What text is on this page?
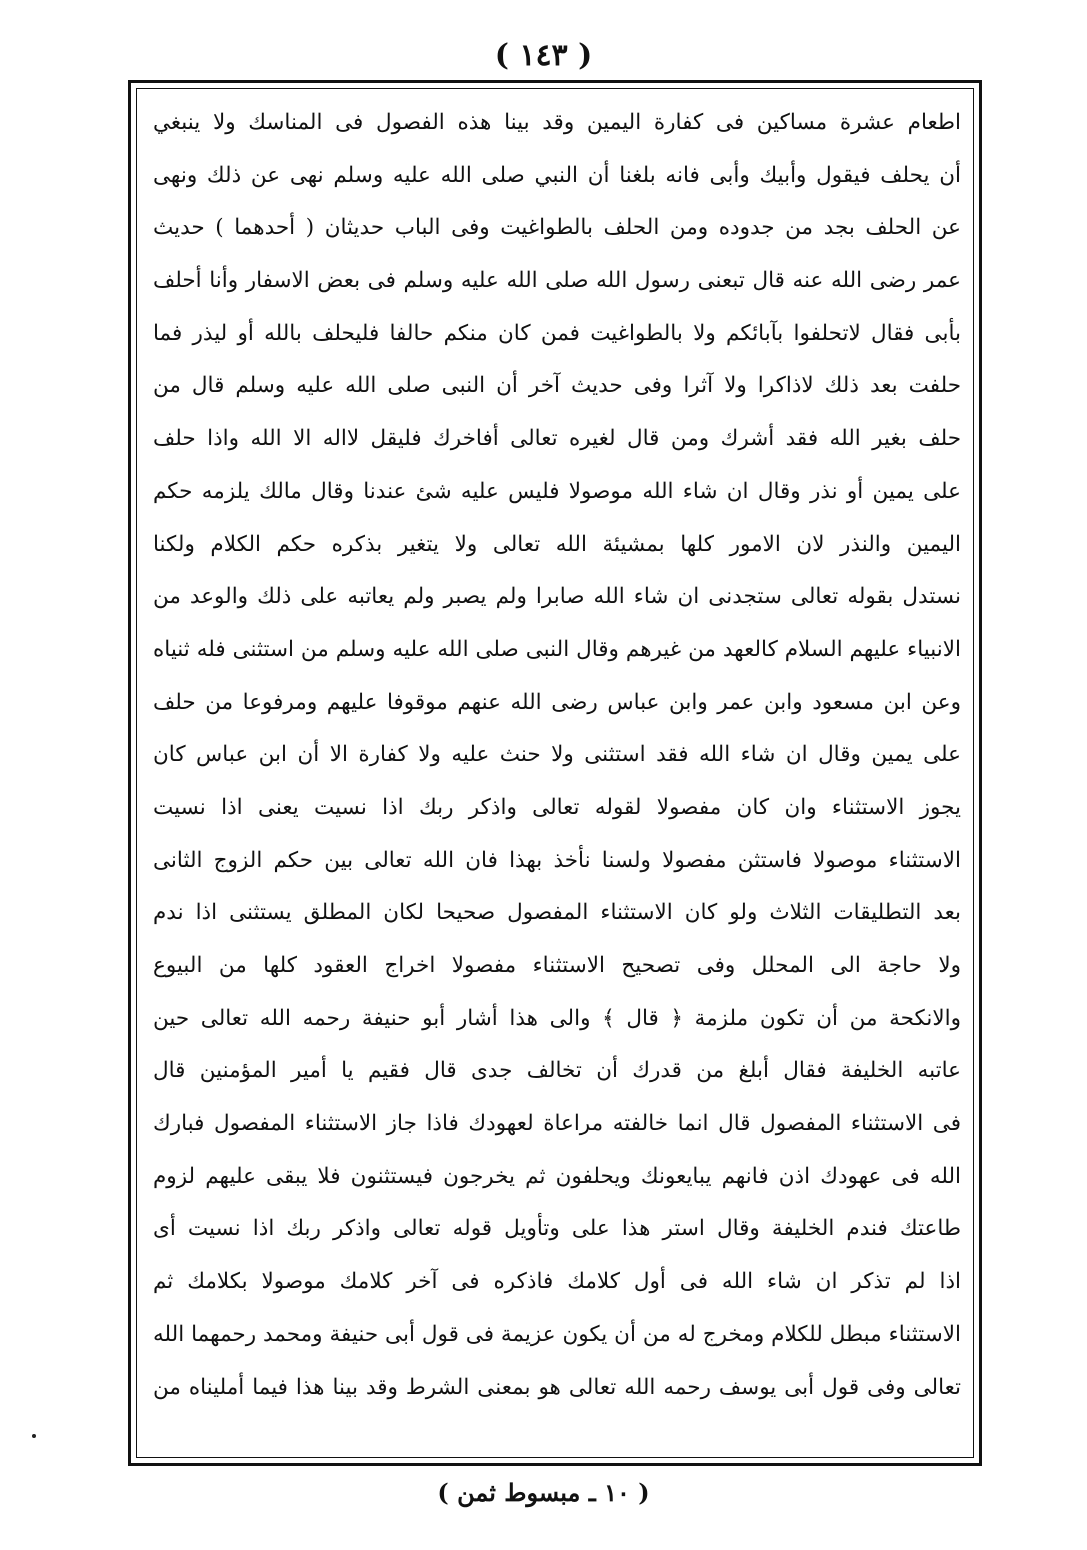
( ١٤٣ )
اطعام عشرة مساكين فى كفارة اليمين وقد بينا هذه الفصول فى المناسك ولا ينبغي
أن يحلف فيقول وأبيك وأبى فانه بلغنا أن النبي صلى الله عليه وسلم نهى عن ذلك ونهى
عن الحلف بجد من جدوده ومن الحلف بالطواغيت وفى الباب حديثان ( أحدهما ) حديث
عمر رضى الله عنه قال تبعنى رسول الله صلى الله عليه وسلم فى بعض الاسفار وأنا أحلف
بأبى فقال لاتحلفوا بآبائكم ولا بالطواغيت فمن كان منكم حالفا فليحلف بالله أو ليذر فما
حلفت بعد ذلك لاذاكرا ولا آثرا وفى حديث آخر أن النبى صلى الله عليه وسلم قال من
حلف بغير الله فقد أشرك ومن قال لغيره تعالى أفاخرك فليقل لااله الا الله واذا حلف
على يمين أو نذر وقال ان شاء الله موصولا فليس عليه شئ عندنا وقال مالك يلزمه حكم
اليمين والنذر لان الامور كلها بمشيئة الله تعالى ولا يتغير بذكره حكم الكلام ولكنا
نستدل بقوله تعالى ستجدنى ان شاء الله صابرا ولم يصبر ولم يعاتبه على ذلك والوعد من
الانبياء عليهم السلام كالعهد من غيرهم وقال النبى صلى الله عليه وسلم من استثنى فله ثنياه
وعن ابن مسعود وابن عمر وابن عباس رضى الله عنهم موقوفا عليهم ومرفوعا من حلف
على يمين وقال ان شاء الله فقد استثنى ولا حنث عليه ولا كفارة الا أن ابن عباس كان
يجوز الاستثناء وان كان مفصولا لقوله تعالى واذكر ربك اذا نسيت يعنى اذا نسيت
الاستثناء موصولا فاستثن مفصولا ولسنا نأخذ بهذا فان الله تعالى بين حكم الزوج الثانى
بعد التطليقات الثلاث ولو كان الاستثناء المفصول صحيحا لكان المطلق يستثنى اذا ندم
ولا حاجة الى المحلل وفى تصحيح الاستثناء مفصولا اخراج العقود كلها من البيوع
والانكحة من أن تكون ملزمة ﴿ قال ﴾ والى هذا أشار أبو حنيفة رحمه الله تعالى حين
عاتبه الخليفة فقال أبلغ من قدرك أن تخالف جدى قال فقيم يا أمير المؤمنين قال
فى الاستثناء المفصول قال انما خالفته مراعاة لعهودك فاذا جاز الاستثناء المفصول فبارك
الله فى عهودك اذن فانهم يبايعونك ويحلفون ثم يخرجون فيستثنون فلا يبقى عليهم لزوم
طاعتك فندم الخليفة وقال استر هذا على وتأويل قوله تعالى واذكر ربك اذا نسيت أى
اذا لم تذكر ان شاء الله فى أول كلامك فاذكره فى آخر كلامك موصولا بكلامك ثم
الاستثناء مبطل للكلام ومخرج له من أن يكون عزيمة فى قول أبى حنيفة ومحمد رحمهما الله
تعالى وفى قول أبى يوسف رحمه الله تعالى هو بمعنى الشرط وقد بينا هذا فيما أمليناه من
( ١٠ ـ مبسوط ثمن )
